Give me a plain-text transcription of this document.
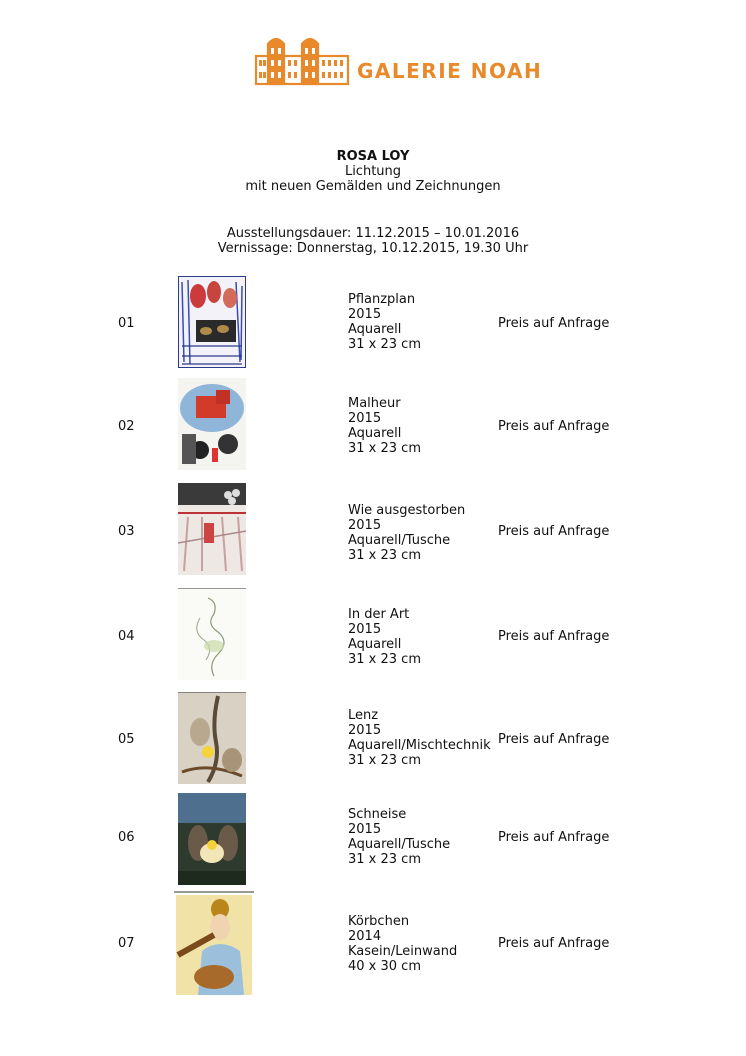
GALERIE NOAH
ROSA LOY
Lichtung
mit neuen Gemälden und Zeichnungen
Ausstellungsdauer: 11.12.2015 – 10.01.2016
Vernissage: Donnerstag, 10.12.2015, 19.30 Uhr
01
Pflanzplan
2015
Aquarell
31 x 23 cm
Preis auf Anfrage
02
Malheur
2015
Aquarell
31 x 23 cm
Preis auf Anfrage
03
Wie ausgestorben
2015
Aquarell/Tusche
31 x 23 cm
Preis auf Anfrage
04
In der Art
2015
Aquarell
31 x 23 cm
Preis auf Anfrage
05
Lenz
2015
Aquarell/Mischtechnik
31 x 23 cm
Preis auf Anfrage
06
Schneise
2015
Aquarell/Tusche
31 x 23 cm
Preis auf Anfrage
07
Körbchen
2014
Kasein/Leinwand
40 x 30 cm
Preis auf Anfrage
